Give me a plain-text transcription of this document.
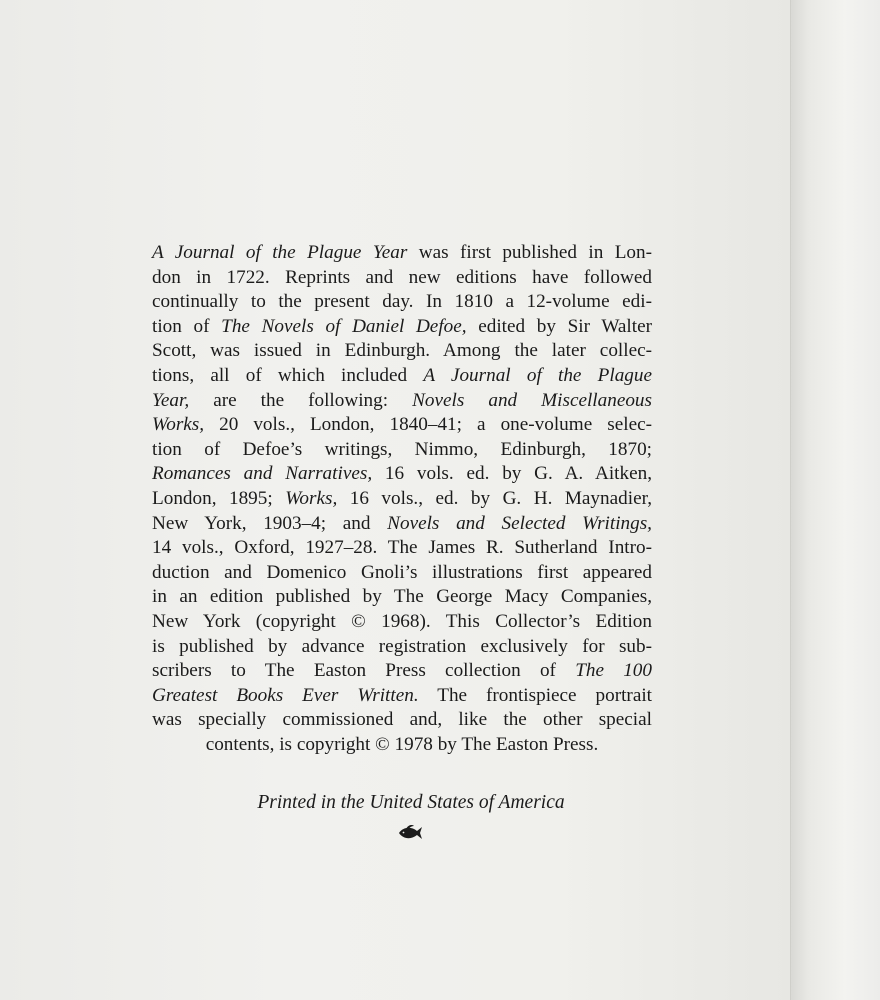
A Journal of the Plague Year was first published in Lon-
don in 1722. Reprints and new editions have followed
continually to the present day. In 1810 a 12-volume edi-
tion of The Novels of Daniel Defoe, edited by Sir Walter
Scott, was issued in Edinburgh. Among the later collec-
tions, all of which included A Journal of the Plague
Year, are the following: Novels and Miscellaneous
Works, 20 vols., London, 1840–41; a one-volume selec-
tion of Defoe’s writings, Nimmo, Edinburgh, 1870;
Romances and Narratives, 16 vols. ed. by G. A. Aitken,
London, 1895; Works, 16 vols., ed. by G. H. Maynadier,
New York, 1903–4; and Novels and Selected Writings,
14 vols., Oxford, 1927–28. The James R. Sutherland Intro-
duction and Domenico Gnoli’s illustrations first appeared
in an edition published by The George Macy Companies,
New York (copyright © 1968). This Collector’s Edition
is published by advance registration exclusively for sub-
scribers to The Easton Press collection of The 100
Greatest Books Ever Written. The frontispiece portrait
was specially commissioned and, like the other special
contents, is copyright © 1978 by The Easton Press.
Printed in the United States of America
